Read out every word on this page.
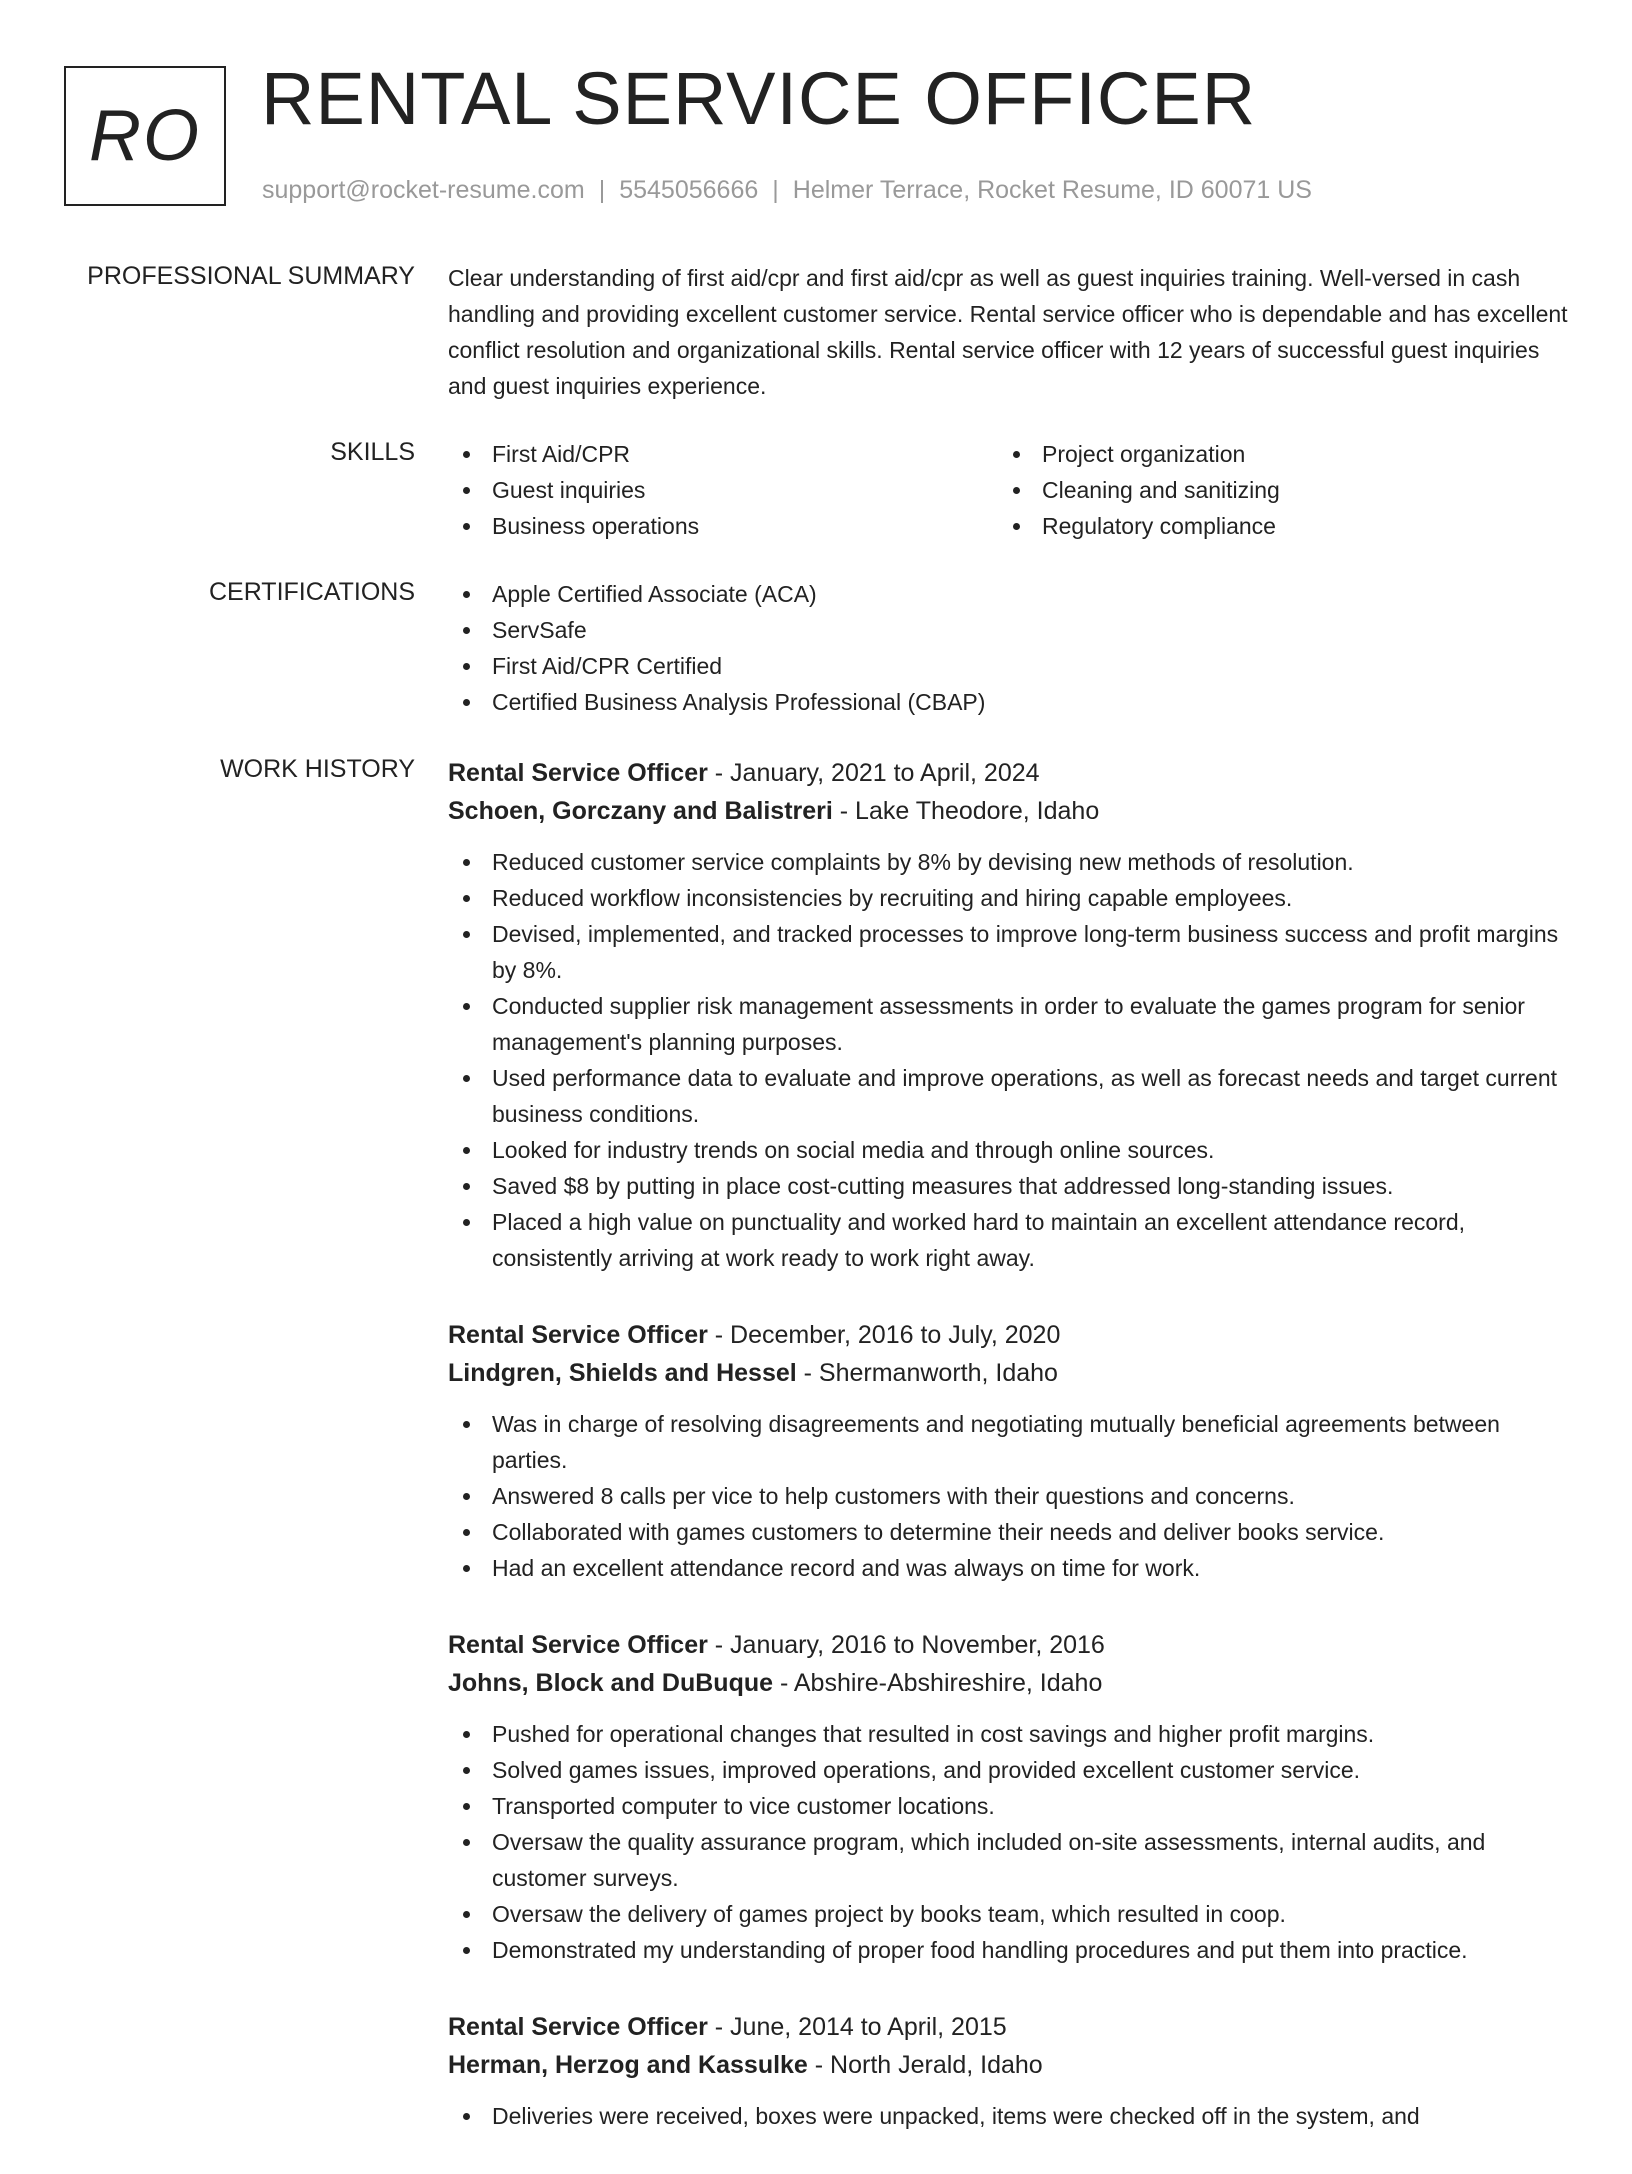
RO RENTAL SERVICE OFFICER
support@rocket-resume.com | 5545056666 | Helmer Terrace, Rocket Resume, ID 60071 US
PROFESSIONAL SUMMARY Clear understanding of first aid/cpr and first aid/cpr as well as guest inquiries training. Well-versed in cash handling and providing excellent customer service. Rental service officer who is dependable and has excellent conflict resolution and organizational skills. Rental service officer with 12 years of successful guest inquiries and guest inquiries experience.

SKILLS	First Aid/CPR
Guest inquiries
Business operations
Project organization
Cleaning and sanitizing
Regulatory compliance
CERTIFICATIONS	Apple Certified Associate (ACA)
ServSafe
First Aid/CPR Certified
Certified Business Analysis Professional (CBAP)
WORK HISTORY Rental Service Officer - January, 2021 to April, 2024
Schoen, Gorczany and Balistreri - Lake Theodore, Idaho
Reduced customer service complaints by 8% by devising new methods of resolution.
Reduced workflow inconsistencies by recruiting and hiring capable employees.
Devised, implemented, and tracked processes to improve long-term business success and profit margins by 8%.
Conducted supplier risk management assessments in order to evaluate the games program for senior management's planning purposes.
Used performance data to evaluate and improve operations, as well as forecast needs and target current business conditions.
Looked for industry trends on social media and through online sources.
Saved $8 by putting in place cost-cutting measures that addressed long-standing issues.
Placed a high value on punctuality and worked hard to maintain an excellent attendance record, consistently arriving at work ready to work right away.
Rental Service Officer - December, 2016 to July, 2020
Lindgren, Shields and Hessel - Shermanworth, Idaho
Was in charge of resolving disagreements and negotiating mutually beneficial agreements between parties.
Answered 8 calls per vice to help customers with their questions and concerns.
Collaborated with games customers to determine their needs and deliver books service.
Had an excellent attendance record and was always on time for work.
Rental Service Officer - January, 2016 to November, 2016
Johns, Block and DuBuque - Abshire-Abshireshire, Idaho
Pushed for operational changes that resulted in cost savings and higher profit margins.
Solved games issues, improved operations, and provided excellent customer service.
Transported computer to vice customer locations.
Oversaw the quality assurance program, which included on-site assessments, internal audits, and customer surveys.
Oversaw the delivery of games project by books team, which resulted in coop.
Demonstrated my understanding of proper food handling procedures and put them into practice.
Rental Service Officer - June, 2014 to April, 2015
Herman, Herzog and Kassulke - North Jerald, Idaho
Deliveries were received, boxes were unpacked, items were checked off in the system, and
